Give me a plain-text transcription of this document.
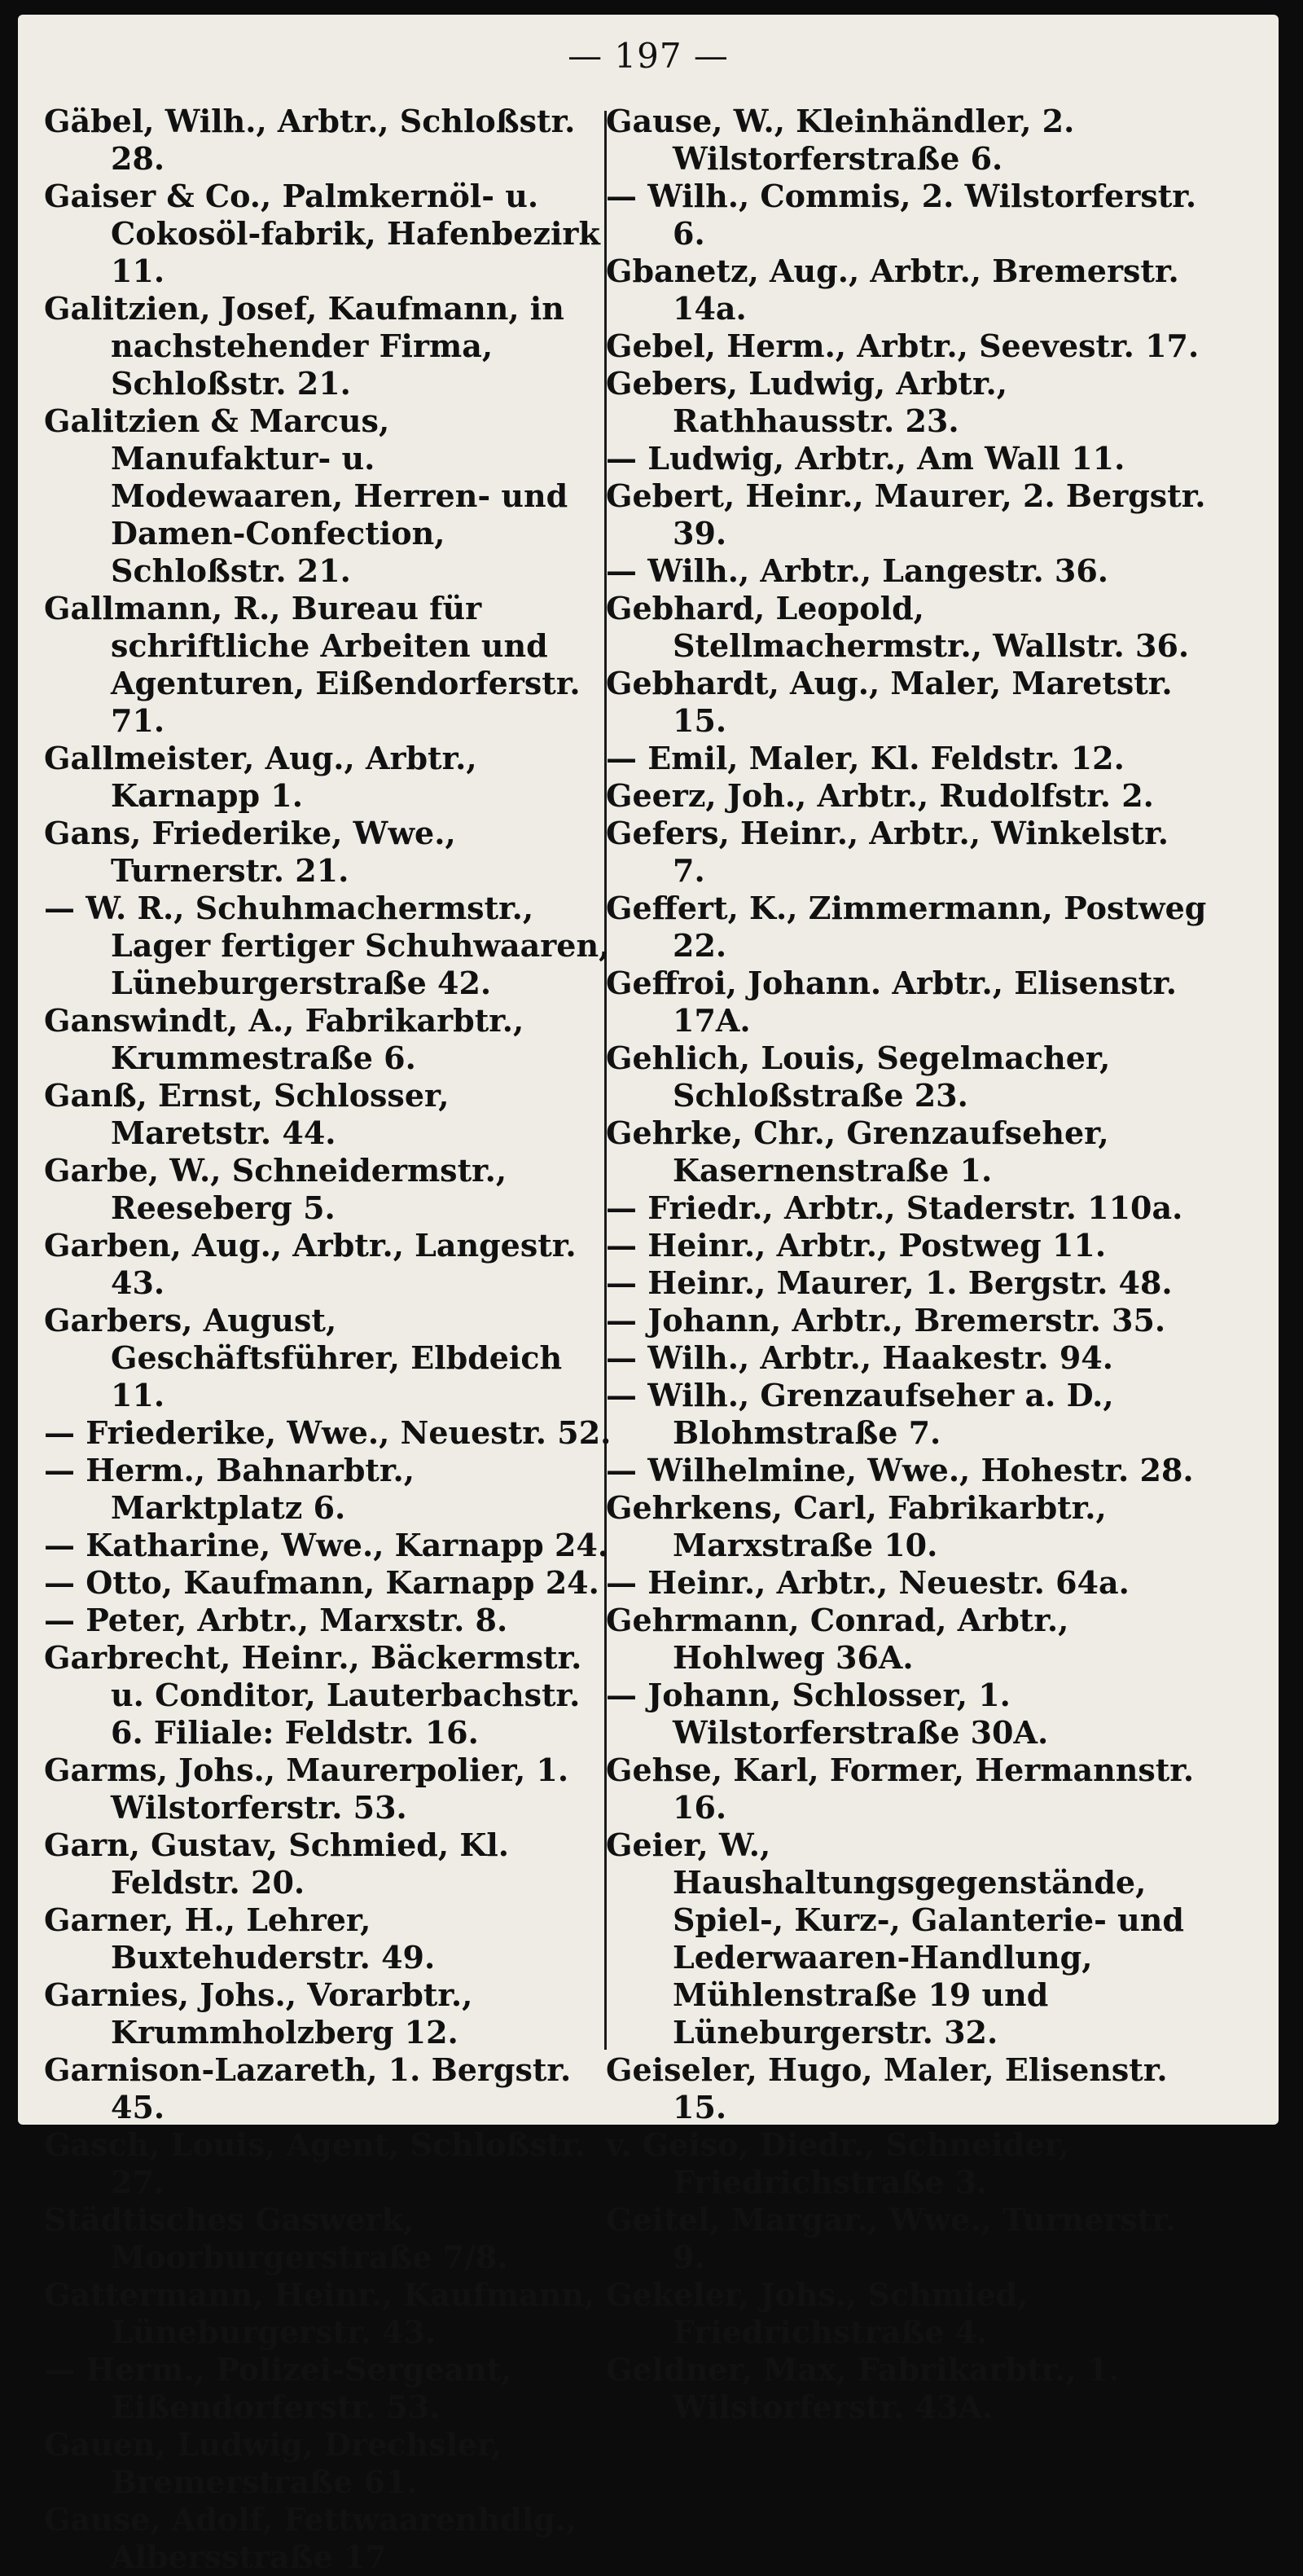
— 197 —
Gäbel, Wilh., Arbtr., Schloßstr. 28.
Gaiser & Co., Palmkernöl- u. Cokosöl-fabrik, Hafenbezirk 11.
Galitzien, Josef, Kaufmann, in nachstehender Firma, Schloßstr. 21.
Galitzien & Marcus, Manufaktur- u. Modewaaren, Herren- und Damen-Confection, Schloßstr. 21.
Gallmann, R., Bureau für schriftliche Arbeiten und Agenturen, Eißendorferstr. 71.
Gallmeister, Aug., Arbtr., Karnapp 1.
Gans, Friederike, Wwe., Turnerstr. 21.
— W. R., Schuhmachermstr., Lager fertiger Schuhwaaren, Lüneburgerstraße 42.
Ganswindt, A., Fabrikarbtr., Krummestraße 6.
Ganß, Ernst, Schlosser, Maretstr. 44.
Garbe, W., Schneidermstr., Reeseberg 5.
Garben, Aug., Arbtr., Langestr. 43.
Garbers, August, Geschäftsführer, Elbdeich 11.
— Friederike, Wwe., Neuestr. 52.
— Herm., Bahnarbtr., Marktplatz 6.
— Katharine, Wwe., Karnapp 24.
— Otto, Kaufmann, Karnapp 24.
— Peter, Arbtr., Marxstr. 8.
Garbrecht, Heinr., Bäckermstr. u. Conditor, Lauterbachstr. 6. Filiale: Feldstr. 16.
Garms, Johs., Maurerpolier, 1. Wilstorferstr. 53.
Garn, Gustav, Schmied, Kl. Feldstr. 20.
Garner, H., Lehrer, Buxtehuderstr. 49.
Garnies, Johs., Vorarbtr., Krummholzberg 12.
Garnison-Lazareth, 1. Bergstr. 45.
Gasch, Louis, Agent, Schloßstr. 27.
Städtisches Gaswerk, Moorburgerstraße 7/8.
Gattermann, Heinr., Kaufmann, Lüneburgerstr. 43.
— Herm., Polizei-Sergeant, Eißendorferstr. 53.
Gauen, Ludwig, Drechsler, Bremerstraße 61.
Gause, Adolf, Fettwaarenhdlg., Albersstraße 17
Gause, W., Kleinhändler, 2. Wilstorferstraße 6.
— Wilh., Commis, 2. Wilstorferstr. 6.
Gbanetz, Aug., Arbtr., Bremerstr. 14a.
Gebel, Herm., Arbtr., Seevestr. 17.
Gebers, Ludwig, Arbtr., Rathhausstr. 23.
— Ludwig, Arbtr., Am Wall 11.
Gebert, Heinr., Maurer, 2. Bergstr. 39.
— Wilh., Arbtr., Langestr. 36.
Gebhard, Leopold, Stellmachermstr., Wallstr. 36.
Gebhardt, Aug., Maler, Maretstr. 15.
— Emil, Maler, Kl. Feldstr. 12.
Geerz, Joh., Arbtr., Rudolfstr. 2.
Gefers, Heinr., Arbtr., Winkelstr. 7.
Geffert, K., Zimmermann, Postweg 22.
Geffroi, Johann. Arbtr., Elisenstr. 17A.
Gehlich, Louis, Segelmacher, Schloßstraße 23.
Gehrke, Chr., Grenzaufseher, Kasernenstraße 1.
— Friedr., Arbtr., Staderstr. 110a.
— Heinr., Arbtr., Postweg 11.
— Heinr., Maurer, 1. Bergstr. 48.
— Johann, Arbtr., Bremerstr. 35.
— Wilh., Arbtr., Haakestr. 94.
— Wilh., Grenzaufseher a. D., Blohmstraße 7.
— Wilhelmine, Wwe., Hohestr. 28.
Gehrkens, Carl, Fabrikarbtr., Marxstraße 10.
— Heinr., Arbtr., Neuestr. 64a.
Gehrmann, Conrad, Arbtr., Hohlweg 36A.
— Johann, Schlosser, 1. Wilstorferstraße 30A.
Gehse, Karl, Former, Hermannstr. 16.
Geier, W., Haushaltungsgegenstände, Spiel-, Kurz-, Galanterie- und Lederwaaren-Handlung, Mühlenstraße 19 und Lüneburgerstr. 32.
Geiseler, Hugo, Maler, Elisenstr. 15.
v. Geiso, Diedr., Schneider, Friedrichstraße 3.
Geitel, Margar., Wwe., Turnerstr. 9.
Gekeler, Johs., Schmied, Friedrichstraße 4.
Geldner, Max, Fabrikarbtr., 1. Wilstorferstr. 43A.
